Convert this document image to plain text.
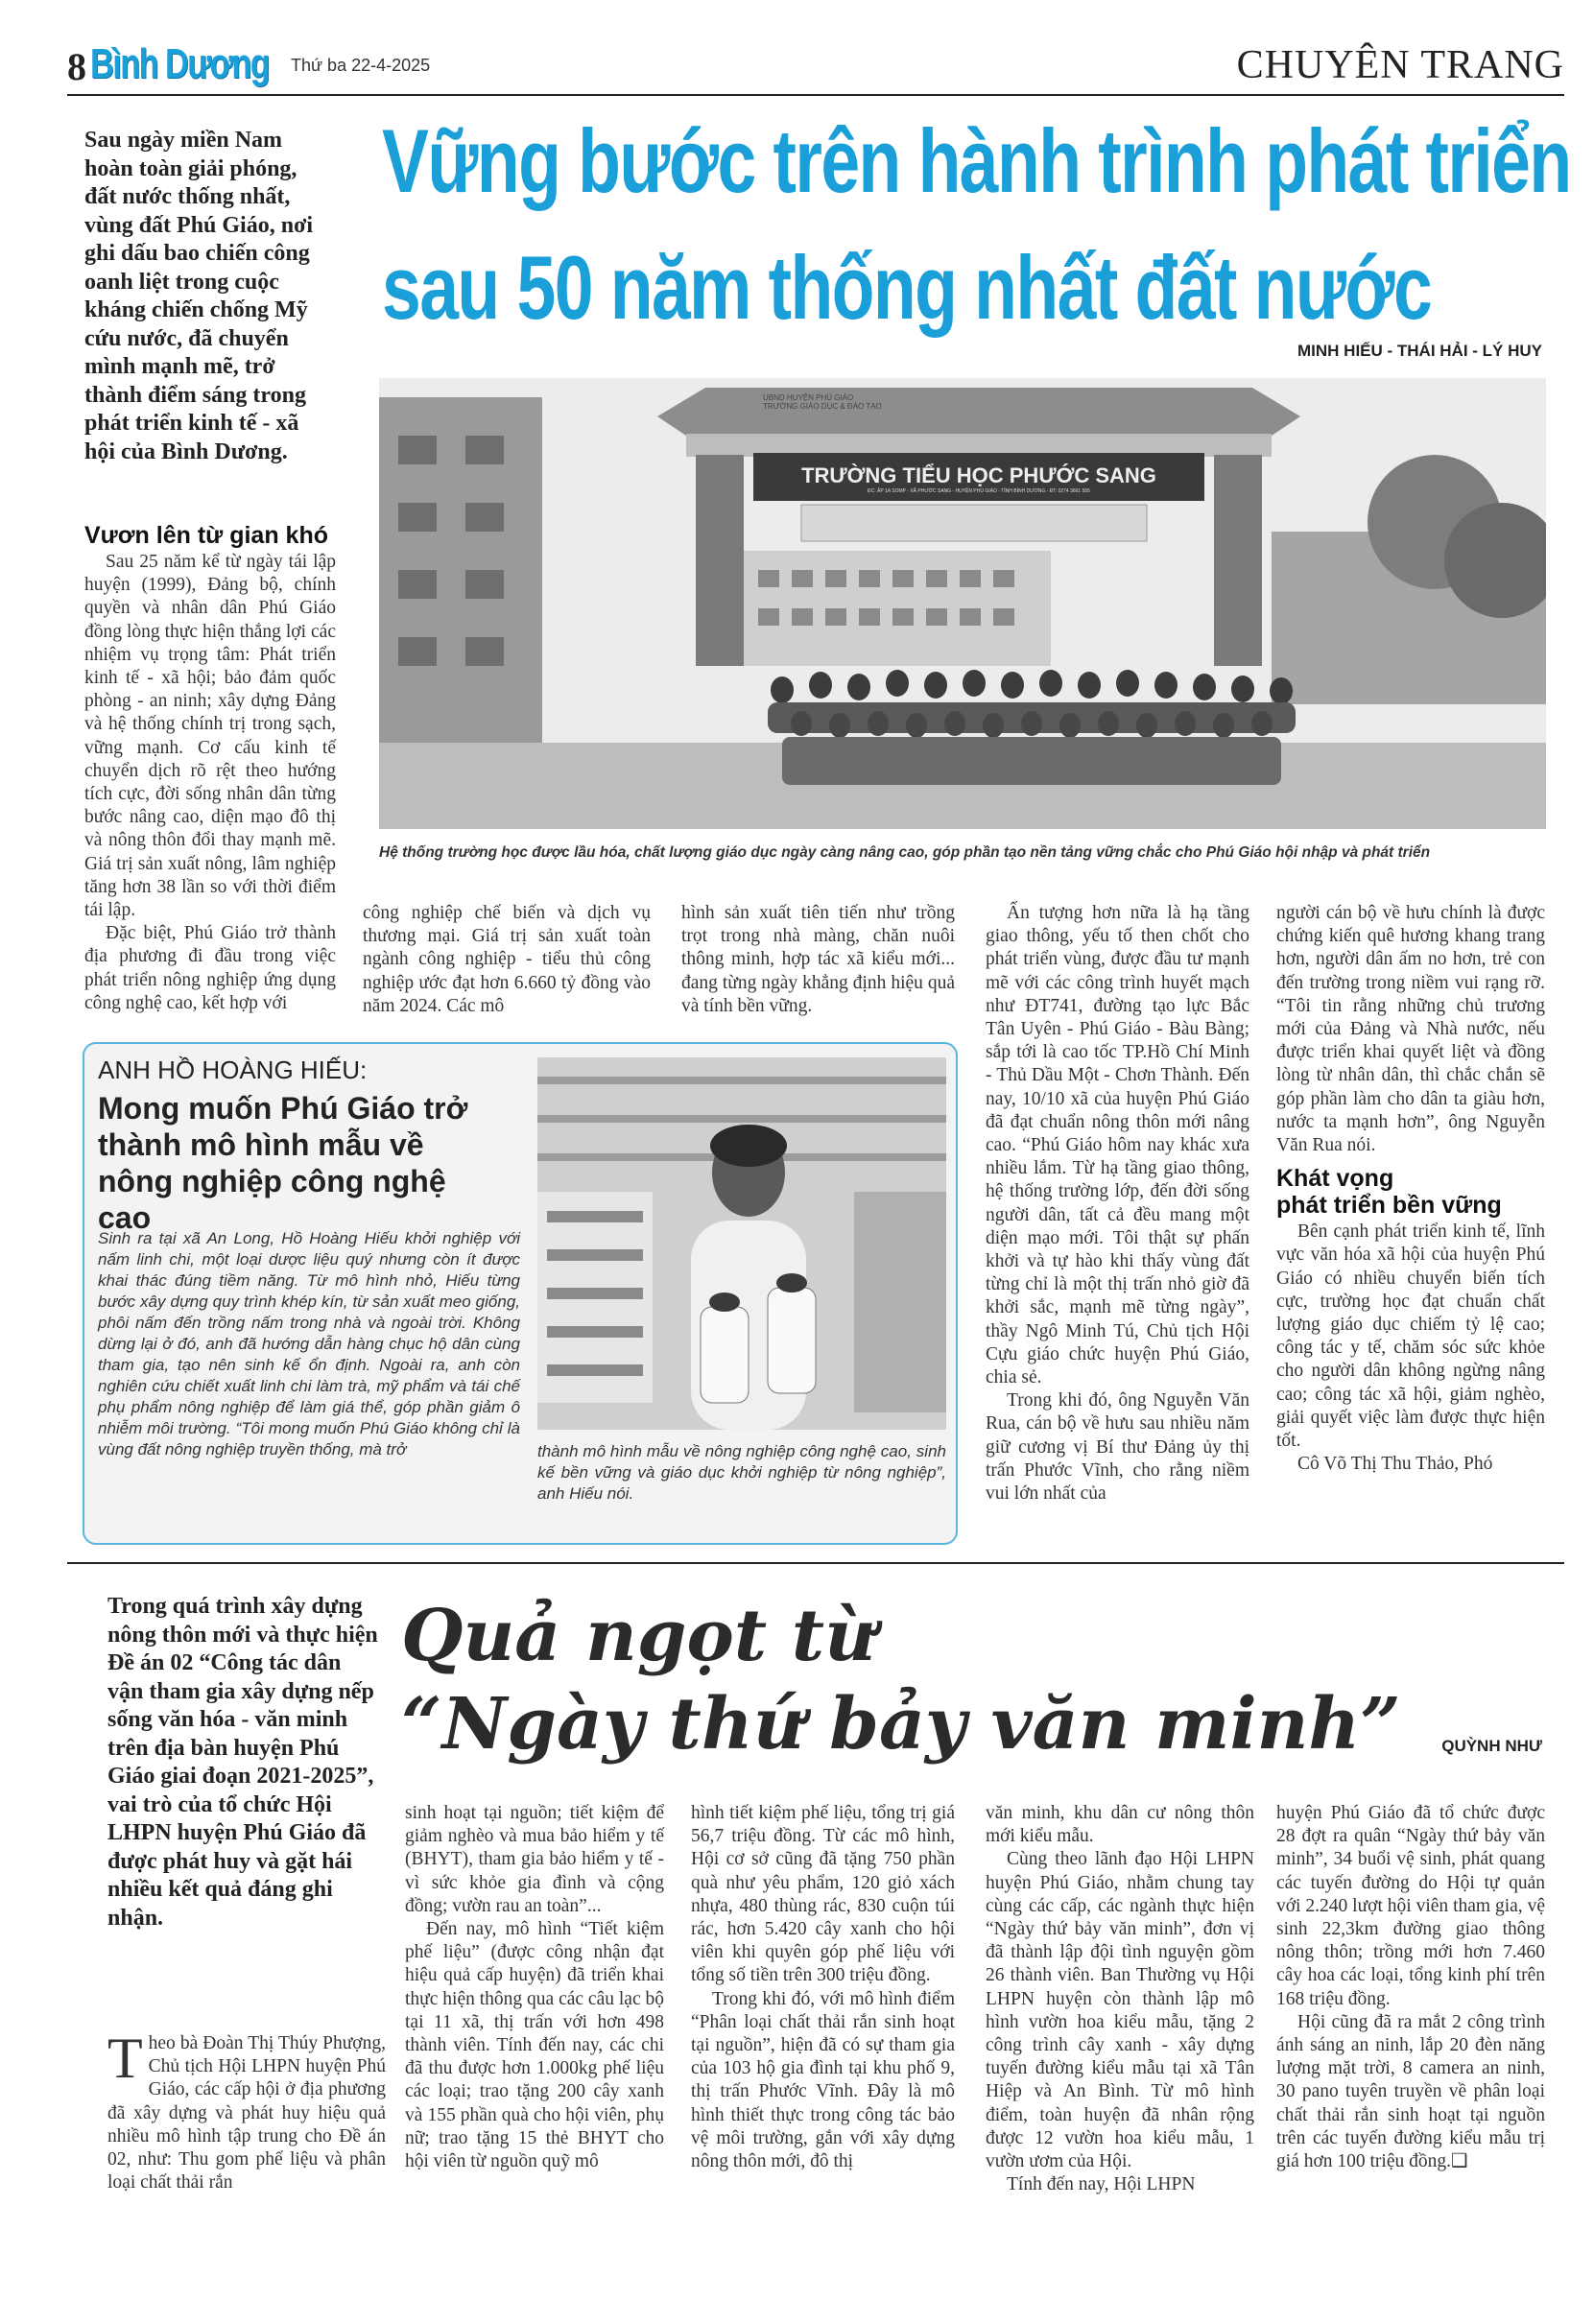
8 Bình Dương Thứ ba 22-4-2025	CHUYÊN TRANG
Sau ngày miền Nam hoàn toàn giải phóng, đất nước thống nhất, vùng đất Phú Giáo, nơi ghi dấu bao chiến công oanh liệt trong cuộc kháng chiến chống Mỹ cứu nước, đã chuyển mình mạnh mẽ, trở thành điểm sáng trong phát triển kinh tế - xã hội của Bình Dương.
Vững bước trên hành trình phát triển
sau 50 năm thống nhất đất nước
MINH HIẾU - THÁI HẢI - LÝ HUY
UBND HUYỆN PHÚ GIÁO
TRƯỜNG GIÁO DỤC & ĐÀO TẠO
TRƯỜNG TIỂU HỌC PHƯỚC SANG
ĐC: ẤP 1A SOMP - XÃ PHƯỚC SANG - HUYỆN PHÚ GIÁO - TỈNH BÌNH DƯƠNG - ĐT: 0274 3661 555
Hệ thống trường học được lầu hóa, chất lượng giáo dục ngày càng nâng cao, góp phần tạo nền tảng vững chắc cho Phú Giáo hội nhập và phát triển
Vươn lên từ gian khó

Sau 25 năm kể từ ngày tái lập huyện (1999), Đảng bộ, chính quyền và nhân dân Phú Giáo đồng lòng thực hiện thắng lợi các nhiệm vụ trọng tâm: Phát triển kinh tế - xã hội; bảo đảm quốc phòng - an ninh; xây dựng Đảng và hệ thống chính trị trong sạch, vững mạnh. Cơ cấu kinh tế chuyển dịch rõ rệt theo hướng tích cực, đời sống nhân dân từng bước nâng cao, diện mạo đô thị và nông thôn đổi thay mạnh mẽ. Giá trị sản xuất nông, lâm nghiệp tăng hơn 38 lần so với thời điểm tái lập.

Đặc biệt, Phú Giáo trở thành địa phương đi đầu trong việc phát triển nông nghiệp ứng dụng công nghệ cao, kết hợp với

công nghiệp chế biến và dịch vụ thương mại. Giá trị sản xuất toàn ngành công nghiệp - tiểu thủ công nghiệp ước đạt hơn 6.660 tỷ đồng vào năm 2024. Các mô

hình sản xuất tiên tiến như trồng trọt trong nhà màng, chăn nuôi thông minh, hợp tác xã kiểu mới... đang từng ngày khẳng định hiệu quả và tính bền vững.

Ấn tượng hơn nữa là hạ tầng giao thông, yếu tố then chốt cho phát triển vùng, được đầu tư mạnh mẽ với các công trình huyết mạch như ĐT741, đường tạo lực Bắc Tân Uyên - Phú Giáo - Bàu Bàng; sắp tới là cao tốc TP.Hồ Chí Minh - Thủ Dầu Một - Chơn Thành. Đến nay, 10/10 xã của huyện Phú Giáo đã đạt chuẩn nông thôn mới nâng cao. “Phú Giáo hôm nay khác xưa nhiều lắm. Từ hạ tầng giao thông, hệ thống trường lớp, đến đời sống người dân, tất cả đều mang một diện mạo mới. Tôi thật sự phấn khởi và tự hào khi thấy vùng đất từng chỉ là một thị trấn nhỏ giờ đã khởi sắc, mạnh mẽ từng ngày”, thầy Ngô Minh Tú, Chủ tịch Hội Cựu giáo chức huyện Phú Giáo, chia sẻ.

Trong khi đó, ông Nguyễn Văn Rua, cán bộ về hưu sau nhiều năm giữ cương vị Bí thư Đảng ủy thị trấn Phước Vĩnh, cho rằng niềm vui lớn nhất của

người cán bộ về hưu chính là được chứng kiến quê hương khang trang hơn, người dân ấm no hơn, trẻ con đến trường trong niềm vui rạng rỡ. “Tôi tin rằng những chủ trương mới của Đảng và Nhà nước, nếu được triển khai quyết liệt và đồng lòng từ nhân dân, thì chắc chắn sẽ góp phần làm cho dân ta giàu hơn, nước ta mạnh hơn”, ông Nguyễn Văn Rua nói.

Khát vọng
phát triển bền vững

Bên cạnh phát triển kinh tế, lĩnh vực văn hóa xã hội của huyện Phú Giáo có nhiều chuyển biến tích cực, trường học đạt chuẩn chất lượng giáo dục chiếm tỷ lệ cao; công tác y tế, chăm sóc sức khỏe cho người dân không ngừng nâng cao; công tác xã hội, giảm nghèo, giải quyết việc làm được thực hiện tốt.

Cô Võ Thị Thu Thảo, Phó

ANH HỒ HOÀNG HIẾU:
Mong muốn Phú Giáo trở thành mô hình mẫu về nông nghiệp công nghệ cao
Sinh ra tại xã An Long, Hồ Hoàng Hiếu khởi nghiệp với nấm linh chi, một loại dược liệu quý nhưng còn ít được khai thác đúng tiềm năng. Từ mô hình nhỏ, Hiếu từng bước xây dựng quy trình khép kín, từ sản xuất meo giống, phôi nấm đến trồng nấm trong nhà và ngoài trời. Không dừng lại ở đó, anh đã hướng dẫn hàng chục hộ dân cùng tham gia, tạo nên sinh kế ổn định. Ngoài ra, anh còn nghiên cứu chiết xuất linh chi làm trà, mỹ phẩm và tái chế phụ phẩm nông nghiệp để làm giá thể, góp phần giảm ô nhiễm môi trường. “Tôi mong muốn Phú Giáo không chỉ là vùng đất nông nghiệp truyền thống, mà trở	thành mô hình mẫu về nông nghiệp công nghệ cao, sinh kế bền vững và giáo dục khởi nghiệp từ nông nghiệp”, anh Hiếu nói.
Trong quá trình xây dựng nông thôn mới và thực hiện Đề án 02 “Công tác dân vận tham gia xây dựng nếp sống văn hóa - văn minh trên địa bàn huyện Phú Giáo giai đoạn 2021-2025”, vai trò của tổ chức Hội LHPN huyện Phú Giáo đã được phát huy và gặt hái nhiều kết quả đáng ghi nhận.
Quả ngọt từ
“Ngày thứ bảy văn minh” QUỲNH NHƯ

Theo bà Đoàn Thị Thúy Phượng, Chủ tịch Hội LHPN huyện Phú Giáo, các cấp hội ở địa phương đã xây dựng và phát huy hiệu quả nhiều mô hình tập trung cho Đề án 02, như: Thu gom phế liệu và phân loại chất thải rắn

sinh hoạt tại nguồn; tiết kiệm để giảm nghèo và mua bảo hiểm y tế (BHYT), tham gia bảo hiểm y tế - vì sức khỏe gia đình và cộng đồng; vườn rau an toàn”...

Đến nay, mô hình “Tiết kiệm phế liệu” (được công nhận đạt hiệu quả cấp huyện) đã triển khai thực hiện thông qua các câu lạc bộ tại 11 xã, thị trấn với hơn 498 thành viên. Tính đến nay, các chi đã thu được hơn 1.000kg phế liệu các loại; trao tặng 200 cây xanh và 155 phần quà cho hội viên, phụ nữ; trao tặng 15 thẻ BHYT cho hội viên từ nguồn quỹ mô

hình tiết kiệm phế liệu, tổng trị giá 56,7 triệu đồng. Từ các mô hình, Hội cơ sở cũng đã tặng 750 phần quà như yêu phẩm, 120 giỏ xách nhựa, 480 thùng rác, 830 cuộn túi rác, hơn 5.420 cây xanh cho hội viên khi quyên góp phế liệu với tổng số tiền trên 300 triệu đồng.

Trong khi đó, với mô hình điểm “Phân loại chất thải rắn sinh hoạt tại nguồn”, hiện đã có sự tham gia của 103 hộ gia đình tại khu phố 9, thị trấn Phước Vĩnh. Đây là mô hình thiết thực trong công tác bảo vệ môi trường, gắn với xây dựng nông thôn mới, đô thị

văn minh, khu dân cư nông thôn mới kiểu mẫu.

Cùng theo lãnh đạo Hội LHPN huyện Phú Giáo, nhằm chung tay cùng các cấp, các ngành thực hiện “Ngày thứ bảy văn minh”, đơn vị đã thành lập đội tình nguyện gồm 26 thành viên. Ban Thường vụ Hội LHPN huyện còn thành lập mô hình vườn hoa kiểu mẫu, tặng 2 công trình cây xanh - xây dựng tuyến đường kiểu mẫu tại xã Tân Hiệp và An Bình. Từ mô hình điểm, toàn huyện đã nhân rộng được 12 vườn hoa kiểu mẫu, 1 vườn ươm của Hội.

Tính đến nay, Hội LHPN

huyện Phú Giáo đã tổ chức được 28 đợt ra quân “Ngày thứ bảy văn minh”, 34 buổi vệ sinh, phát quang các tuyến đường do Hội tự quản với 2.240 lượt hội viên tham gia, vệ sinh 22,3km đường giao thông nông thôn; trồng mới hơn 7.460 cây hoa các loại, tổng kinh phí trên 168 triệu đồng.

Hội cũng đã ra mắt 2 công trình ánh sáng an ninh, lắp 20 đèn năng lượng mặt trời, 8 camera an ninh, 30 pano tuyên truyền về phân loại chất thải rắn sinh hoạt tại nguồn trên các tuyến đường kiểu mẫu trị giá hơn 100 triệu đồng.❑
